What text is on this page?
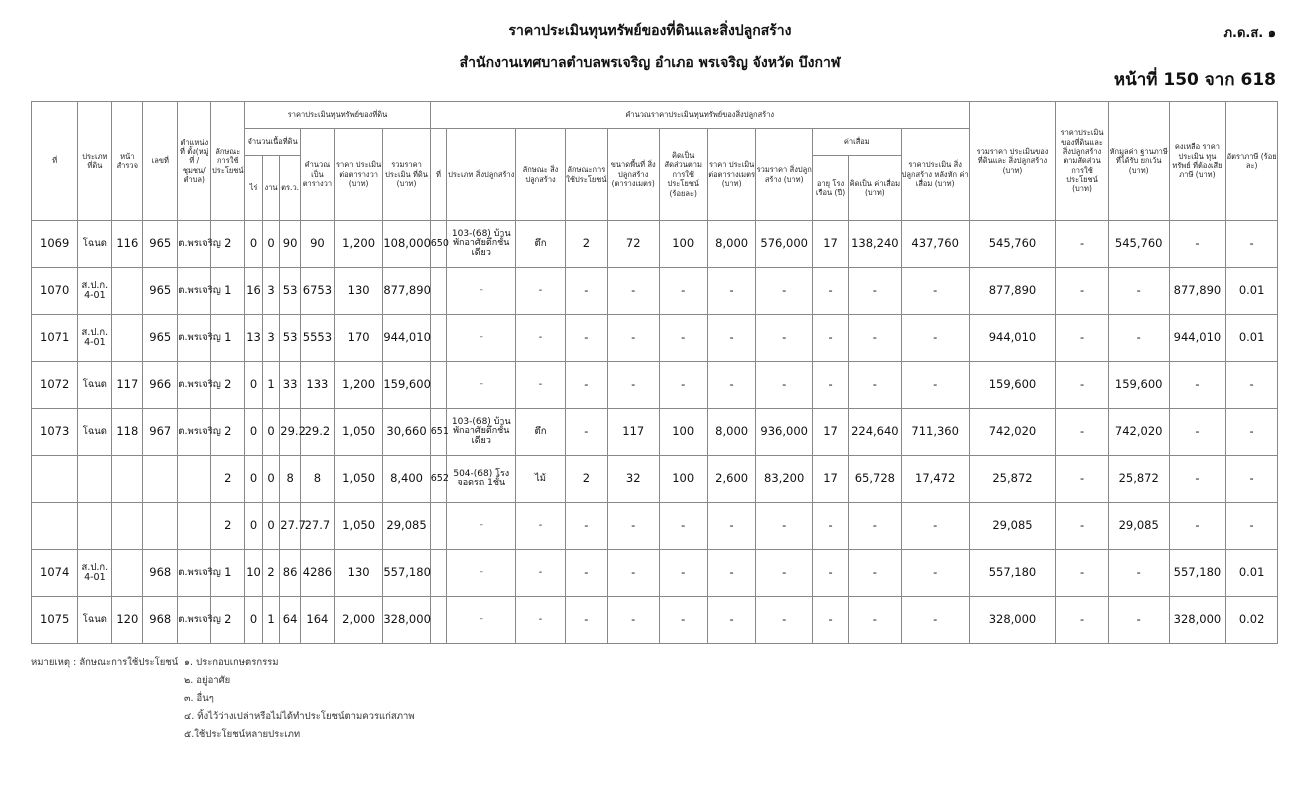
ราคาประเมินทุนทรัพย์ของที่ดินและสิ่งปลูกสร้าง
สำนักงานเทศบาลตำบลพรเจริญ อำเภอ พรเจริญ จังหวัด บึงกาฬ
ภ.ด.ส. ๑
หน้าที่ 150 จาก 618
ที่	ประเภท ที่ดิน	หน้า สำรวจ	เลขที่	ตำแหน่งที่ ตั้ง(หมู่ที่ /ชุมชน/ ตำบล)	ลักษณะ การใช้ ประโยชน์	ราคาประเมินทุนทรัพย์ของที่ดิน						คำนวณราคาประเมินทุนทรัพย์ของสิ่งปลูกสร้าง											รวมราคา ประเมินของ ที่ดินและ สิ่งปลูกสร้าง (บาท)	ราคาประเมิน ของที่ดินและ สิ่งปลูกสร้าง ตามสัดส่วน การใช้ประโยชน์ (บาท)	หักมูลค่า ฐานภาษี ที่ได้รับ ยกเว้น (บาท)	คงเหลือ ราคาประเมิน ทุนทรัพย์ ที่ต้องเสียภาษี (บาท)	อัตราภาษี (ร้อยละ)
						จำนวนเนื้อที่ดิน			คำนวณ เป็น ตารางวา	ราคา ประเมิน ต่อตารางวา (บาท)	รวมราคา ประเมิน ที่ดิน (บาท)	ที่	ประเภท สิ่งปลูกสร้าง	ลักษณะ สิ่งปลูกสร้าง	ลักษณะการ ใช้ประโยชน์	ขนาดพื้นที่ สิ่งปลูกสร้าง (ตารางเมตร)	คิดเป็น สัดส่วนตาม การใช้ ประโยชน์ (ร้อยละ)	ราคา ประเมิน ต่อตารางเมตร (บาท)	รวมราคา สิ่งปลูกสร้าง (บาท)	ค่าเสื่อม		ราคาประเมิน สิ่งปลูกสร้าง หลังหัก ค่าเสื่อม (บาท)					
						ไร่	งาน	ตร.ว.												อายุ โรงเรือน (ปี)	คิดเป็น ค่าเสื่อม (บาท)						
1069	โฉนด	116	965	ต.พรเจริญ	2	0	0	90	90	1,200	108,000	650	103-(68) บ้านพักอาศัยตึกชั้นเดียว	ตึก	2	72	100	8,000	576,000	17	138,240	437,760	545,760	-	545,760	-	-
1070	ส.ป.ก. 4-01		965	ต.พรเจริญ	1	16	3	53	6753	130	877,890		-	-	-	-	-	-	-	-	-	-	877,890	-	-	877,890	0.01
1071	ส.ป.ก. 4-01		965	ต.พรเจริญ	1	13	3	53	5553	170	944,010		-	-	-	-	-	-	-	-	-	-	944,010	-	-	944,010	0.01
1072	โฉนด	117	966	ต.พรเจริญ	2	0	1	33	133	1,200	159,600		-	-	-	-	-	-	-	-	-	-	159,600	-	159,600	-	-
1073	โฉนด	118	967	ต.พรเจริญ	2	0	0	29.2	29.2	1,050	30,660	651	103-(68) บ้านพักอาศัยตึกชั้นเดียว	ตึก	-	117	100	8,000	936,000	17	224,640	711,360	742,020	-	742,020	-	-
					2	0	0	8	8	1,050	8,400	652	504-(68) โรงจอดรถ 1ชั้น	ไม้	2	32	100	2,600	83,200	17	65,728	17,472	25,872	-	25,872	-	-
					2	0	0	27.7	27.7	1,050	29,085		-	-	-	-	-	-	-	-	-	-	29,085	-	29,085	-	-
1074	ส.ป.ก. 4-01		968	ต.พรเจริญ	1	10	2	86	4286	130	557,180		-	-	-	-	-	-	-	-	-	-	557,180	-	-	557,180	0.01
1075	โฉนด	120	968	ต.พรเจริญ	2	0	1	64	164	2,000	328,000		-	-	-	-	-	-	-	-	-	-	328,000	-	-	328,000	0.02
หมายเหตุ : ลักษณะการใช้ประโยชน์ ๑. ประกอบเกษตรกรรม
๒. อยู่อาศัย
๓. อื่นๆ
๔. ทิ้งไว้ว่างเปล่าหรือไม่ได้ทำประโยชน์ตามควรแก่สภาพ
๕.ใช้ประโยชน์หลายประเภท
